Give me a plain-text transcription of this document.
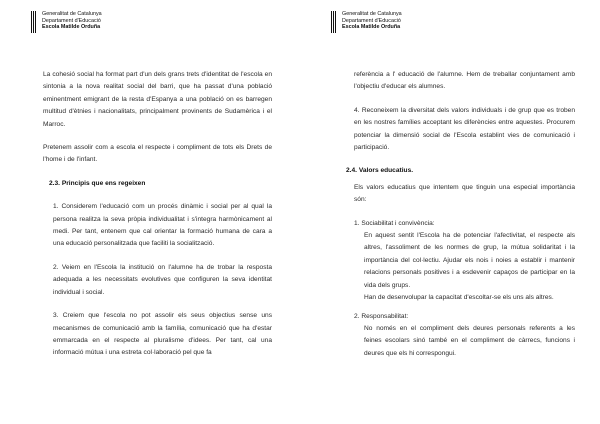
Generalitat de Catalunya
Departament d'Educació
Escola Matilde Orduña

La cohesió social ha format part d'un dels grans trets d'identitat de l'escola en sintonia a la nova realitat social del barri, que ha passat d'una població eminentment emigrant de la resta d'Espanya a una població on es barregen multitud d'ètnies i nacionalitats, principalment provinents de Sudamèrica i el Marroc.

Pretenem assolir com a escola el respecte i compliment de tots els Drets de l'home i de l'infant.

2.3. Principis que ens regeixen

1. Considerem l'educació com un procés dinàmic i social per al qual la persona realitza la seva pròpia individualitat i s'integra harmònicament al medi. Per tant, entenem que cal orientar la formació humana de cara a una educació personalitzada que faciliti la socialització.

2. Veiem en l'Escola la institució on l'alumne ha de trobar la resposta adequada a les necessitats evolutives que configuren la seva identitat individual i social.

3. Creiem que l'escola no pot assolir els seus objectius sense uns mecanismes de comunicació amb la família, comunicació que ha d'estar emmarcada en el respecte al pluralisme d'idees. Per tant, cal una informació mútua i una estreta col·laboració pel que fa

Generalitat de Catalunya
Departament d'Educació
Escola Matilde Orduña

referència a l' educació de l'alumne. Hem de treballar conjuntament amb l'objectiu d'educar els alumnes.

4. Reconeixem la diversitat dels valors individuals i de grup que es troben en les nostres famílies acceptant les diferències entre aquestes. Procurem potenciar la dimensió social de l'Escola establint vies de comunicació i participació.

2.4. Valors educatius.

Els valors educatius que intentem que tinguin una especial importància són:

1. Sociabilitat i convivència:

En aquest sentit l'Escola ha de potenciar l'afectivitat, el respecte als altres, l'assoliment de les normes de grup, la mútua solidaritat i la importància del col·lectiu. Ajudar els nois i noies a establir i mantenir relacions personals positives i a esdevenir capaços de participar en la vida dels grups.

Han de desenvolupar la capacitat d'escoltar-se els uns als altres.

2. Responsabilitat:

No només en el compliment dels deures personals referents a les feines escolars sinó també en el compliment de càrrecs, funcions i deures que els hi correspongui.
